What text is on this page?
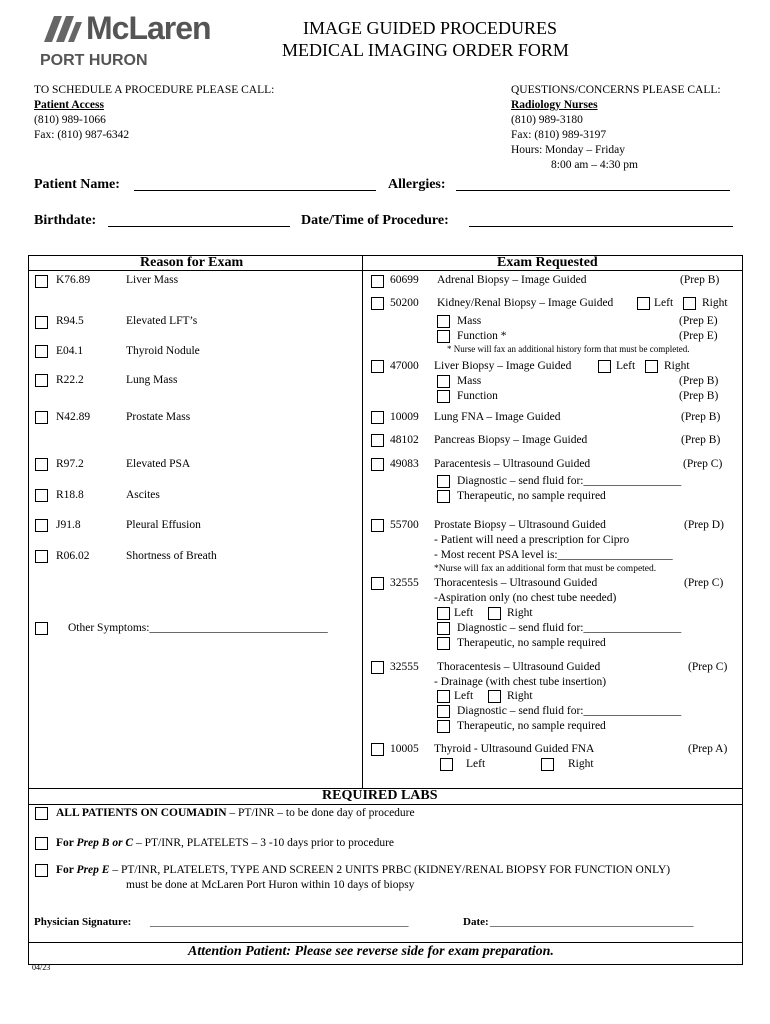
McLaren
PORT HURON
IMAGE GUIDED PROCEDURES
MEDICAL IMAGING ORDER FORM
TO SCHEDULE A PROCEDURE PLEASE CALL:
Patient Access
(810) 989-1066
Fax: (810) 987-6342
QUESTIONS/CONCERNS PLEASE CALL:
Radiology Nurses
(810) 989-3180
Fax: (810) 989-3197
Hours: Monday – Friday
8:00 am – 4:30 pm
Patient Name:	Allergies:
Birthdate:	Date/Time of Procedure:
Reason for Exam	Exam Requested
K76.89	Liver Mass
R94.5	Elevated LFT’s
E04.1	Thyroid Nodule
R22.2	Lung Mass
N42.89	Prostate Mass
R97.2	Elevated PSA
R18.8	Ascites
J91.8	Pleural Effusion
R06.02	Shortness of Breath
Other Symptoms:_______________________________
60699 Adrenal Biopsy – Image Guided	(Prep B)
50200 Kidney/Renal Biopsy – Image Guided	Left	Right
Mass	(Prep E)
Function *	(Prep E)
* Nurse will fax an additional history form that must be completed.
47000 Liver Biopsy – Image Guided	Left	Right
Mass	(Prep B)
Function	(Prep B)
10009 Lung FNA – Image Guided	(Prep B)
48102 Pancreas Biopsy – Image Guided	(Prep B)
49083 Paracentesis – Ultrasound Guided	(Prep C)
Diagnostic – send fluid for:_________________
Therapeutic, no sample required
55700 Prostate Biopsy – Ultrasound Guided	(Prep D)
- Patient will need a prescription for Cipro
- Most recent PSA level is:____________________
*Nurse will fax an additional form that must be competed.
32555 Thoracentesis – Ultrasound Guided	(Prep C)
-Aspiration only (no chest tube needed)
Left	Right
Diagnostic – send fluid for:_________________
Therapeutic, no sample required
32555 Thoracentesis – Ultrasound Guided	(Prep C)
- Drainage (with chest tube insertion)
Left	Right
Diagnostic – send fluid for:_________________
Therapeutic, no sample required
10005 Thyroid - Ultrasound Guided FNA	(Prep A)
Left	Right
REQUIRED LABS
ALL PATIENTS ON COUMADIN – PT/INR – to be done day of procedure
For Prep B or C – PT/INR, PLATELETS – 3 -10 days prior to procedure
For Prep E – PT/INR, PLATELETS, TYPE AND SCREEN 2 UNITS PRBC (KIDNEY/RENAL BIOPSY FOR FUNCTION ONLY)
must be done at McLaren Port Huron within 10 days of biopsy
Physician Signature: _______________________________________________	Date: _____________________________________
Attention Patient: Please see reverse side for exam preparation.
04/23
